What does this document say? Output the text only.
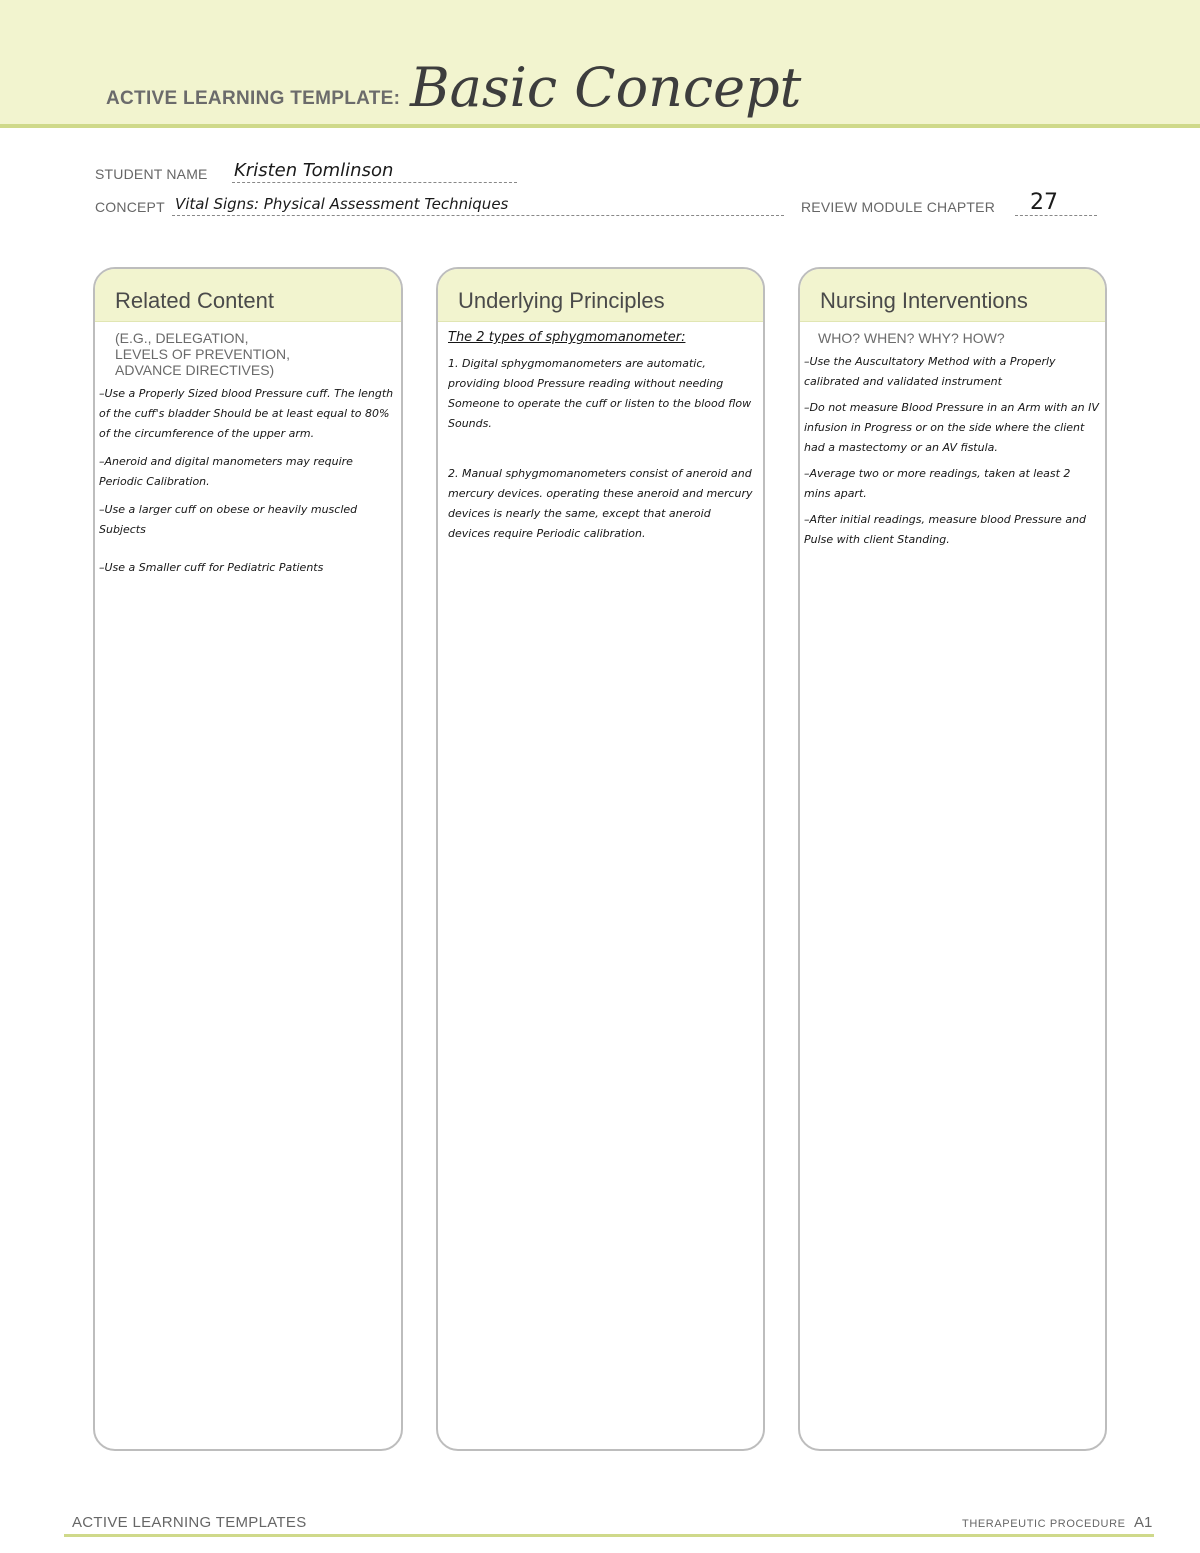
ACTIVE LEARNING TEMPLATE: Basic Concept
STUDENT NAME Kristen Tomlinson
CONCEPT Vital Signs: Physical Assessment Techniques	REVIEW MODULE CHAPTER 27
Related Content
(E.G., DELEGATION,
LEVELS OF PREVENTION,
ADVANCE DIRECTIVES)

–Use a Properly Sized blood Pressure cuff. The length of the cuff's bladder Should be at least equal to 80% of the circumference of the upper arm.

–Aneroid and digital manometers may require Periodic Calibration.

–Use a larger cuff on obese or heavily muscled Subjects

–Use a Smaller cuff for Pediatric Patients

Underlying Principles

The 2 types of sphygmomanometer:

1. Digital sphygmomanometers are automatic, providing blood Pressure reading without needing Someone to operate the cuff or listen to the blood flow Sounds.

2. Manual sphygmomanometers consist of aneroid and mercury devices. operating these aneroid and mercury devices is nearly the same, except that aneroid devices require Periodic calibration.

Nursing Interventions
WHO? WHEN? WHY? HOW?

–Use the Auscultatory Method with a Properly calibrated and validated instrument

–Do not measure Blood Pressure in an Arm with an IV infusion in Progress or on the side where the client had a mastectomy or an AV fistula.

–Average two or more readings, taken at least 2 mins apart.

–After initial readings, measure blood Pressure and Pulse with client Standing.

ACTIVE LEARNING TEMPLATES	THERAPEUTIC PROCEDURE A1
